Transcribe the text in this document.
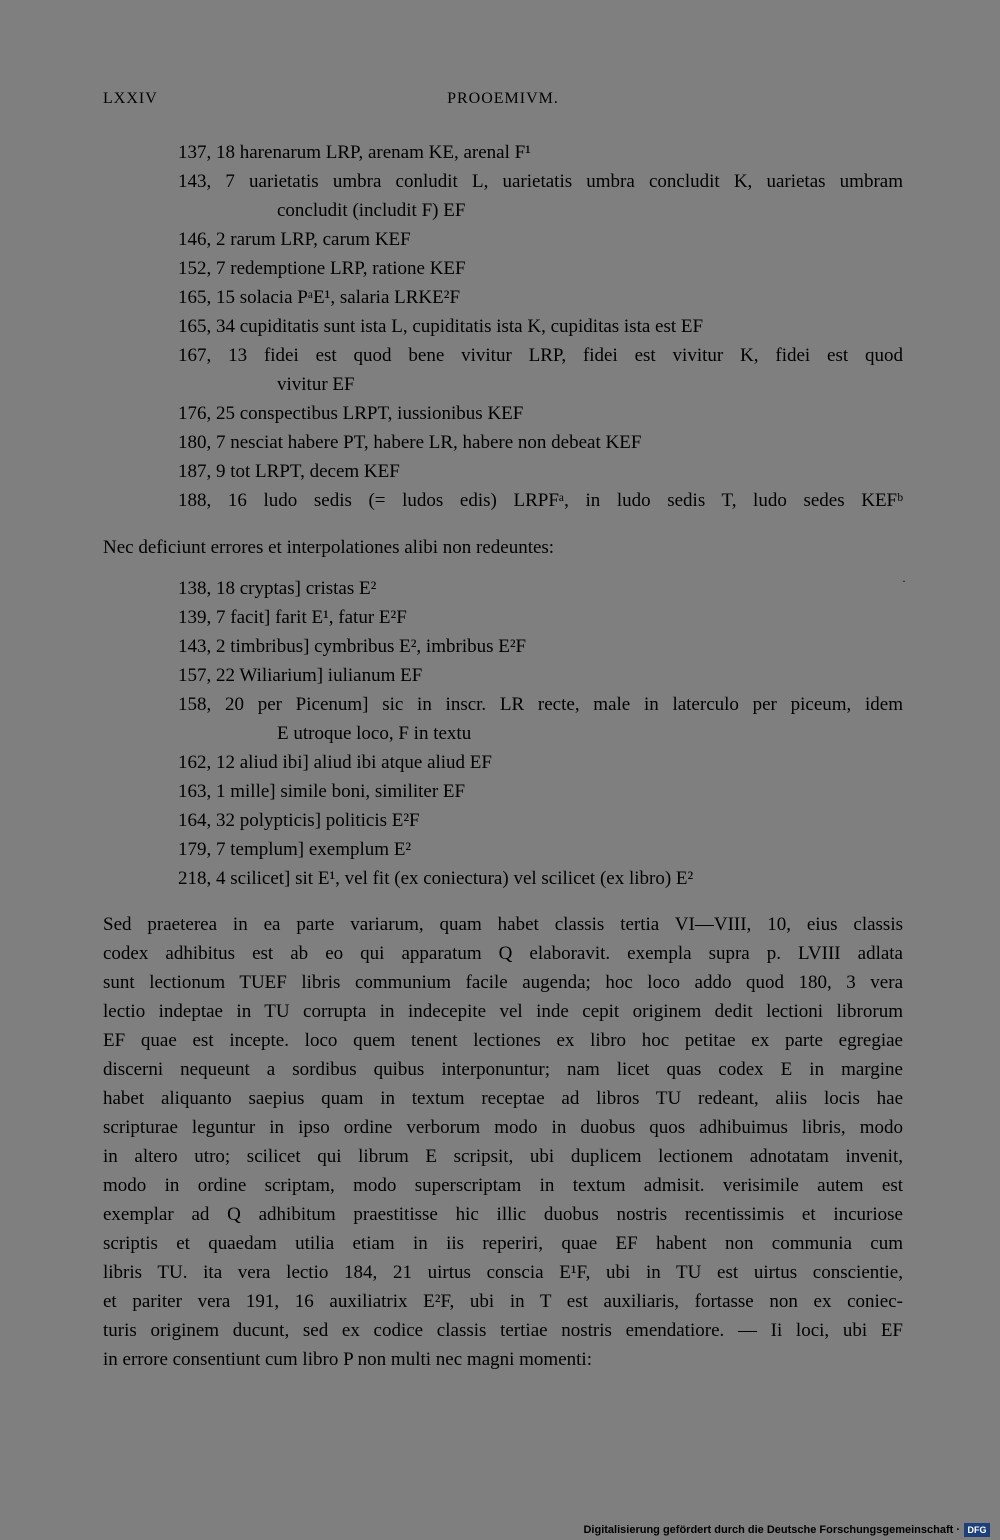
LXXIV	PROOEMIVM.
137, 18 harenarum LRP, arenam KE, arenal F¹
143, 7 uarietatis umbra conludit L, uarietatis umbra concludit K, uarietas umbram
concludit (includit F) EF
146, 2 rarum LRP, carum KEF
152, 7 redemptione LRP, ratione KEF
165, 15 solacia PᵃE¹, salaria LRKE²F
165, 34 cupiditatis sunt ista L, cupiditatis ista K, cupiditas ista est EF
167, 13 fidei est quod bene vivitur LRP, fidei est vivitur K, fidei est quod
vivitur EF
176, 25 conspectibus LRPT, iussionibus KEF
180, 7 nesciat habere PT, habere LR, habere non debeat KEF
187, 9 tot LRPT, decem KEF
188, 16 ludo sedis (= ludos edis) LRPFᵃ, in ludo sedis T, ludo sedes KEFᵇ
Nec deficiunt errores et interpolationes alibi non redeuntes:
138, 18 cryptas] cristas E²
139, 7 facit] farit E¹, fatur E²F
143, 2 timbribus] cymbribus E², imbribus E²F
157, 22 Wiliarium] iulianum EF
158, 20 per Picenum] sic in inscr. LR recte, male in laterculo per piceum, idem
E utroque loco, F in textu
162, 12 aliud ibi] aliud ibi atque aliud EF
163, 1 mille] simile boni, similiter EF
164, 32 polypticis] politicis E²F
179, 7 templum] exemplum E²
218, 4 scilicet] sit E¹, vel fit (ex coniectura) vel scilicet (ex libro) E²
Sed praeterea in ea parte variarum, quam habet classis tertia VI—VIII, 10, eius classis
codex adhibitus est ab eo qui apparatum Q elaboravit. exempla supra p. LVIII adlata
sunt lectionum TUEF libris communium facile augenda; hoc loco addo quod 180, 3 vera
lectio indeptae in TU corrupta in indecepite vel inde cepit originem dedit lectioni librorum
EF quae est incepte. loco quem tenent lectiones ex libro hoc petitae ex parte egregiae
discerni nequeunt a sordibus quibus interponuntur; nam licet quas codex E in margine
habet aliquanto saepius quam in textum receptae ad libros TU redeant, aliis locis hae
scripturae leguntur in ipso ordine verborum modo in duobus quos adhibuimus libris, modo
in altero utro; scilicet qui librum E scripsit, ubi duplicem lectionem adnotatam invenit,
modo in ordine scriptam, modo superscriptam in textum admisit. verisimile autem est
exemplar ad Q adhibitum praestitisse hic illic duobus nostris recentissimis et incuriose
scriptis et quaedam utilia etiam in iis reperiri, quae EF habent non communia cum
libris TU. ita vera lectio 184, 21 uirtus conscia E¹F, ubi in TU est uirtus conscientie,
et pariter vera 191, 16 auxiliatrix E²F, ubi in T est auxiliaris, fortasse non ex coniec-
turis originem ducunt, sed ex codice classis tertiae nostris emendatiore. — Ii loci, ubi EF
in errore consentiunt cum libro P non multi nec magni momenti:
·
Digitalisierung gefördert durch die Deutsche Forschungsgemeinschaft · DFG
